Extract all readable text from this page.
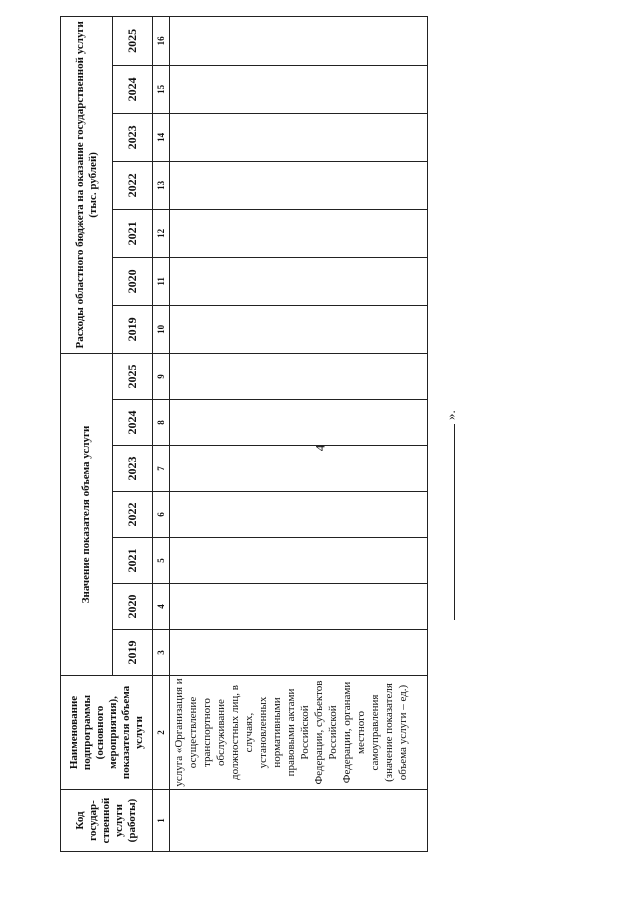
4
Код государ-ственной услуги (работы)	Наименование подпрограммы (основного мероприятия), показателя объема услуги	Значение показателя объема услуги							Расходы областного бюджета на оказание государственной услуги (тыс. рублей)						
		2019	2020	2021	2022	2023	2024	2025	2019	2020	2021	2022	2023	2024	2025
1	2	3	4	5	6	7	8	9	10	11	12	13	14	15	16
	услуга «Организация и осуществление транспортного обслуживание должностных лиц, в случаях, установленных нормативными правовыми актами Российской Федерации, субъектов Российской Федерации, органами местного самоуправления (значение показателя объема услуги – ед.)														
».
